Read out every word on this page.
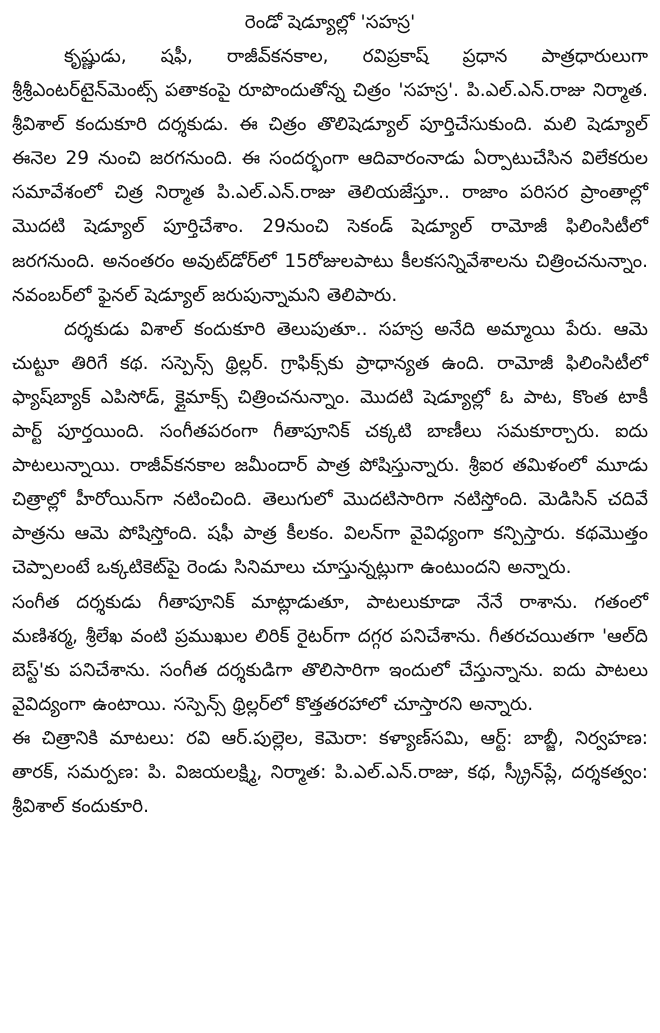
రెండో షెడ్యూల్లో 'సహస్ర'

కృష్ణుడు, షఫీ, రాజీవ్‌కనకాల, రవిప్రకాష్‌ ప్రధాన పాత్రధారులుగా శ్రీశ్రీఎంటర్‌టైన్‌మెంట్స్‌ పతాకంపై రూపొందుతోన్న చిత్రం 'సహస్ర'. పి.ఎల్‌.ఎన్‌.రాజు నిర్మాత. శ్రీవిశాల్‌ కందుకూరి దర్శకుడు. ఈ చిత్రం తొలిషెడ్యూల్‌ పూర్తిచేసుకుంది. మలి షెడ్యూల్‌ ఈనెల 29 నుంచి జరగనుంది. ఈ సందర్భంగా ఆదివారంనాడు ఏర్పాటుచేసిన విలేకరుల సమావేశంలో చిత్ర నిర్మాత పి.ఎల్‌.ఎన్‌.రాజు తెలియజేస్తూ.. రాజాం పరిసర ప్రాంతాల్లో మొదటి షెడ్యూల్‌ పూర్తిచేశాం. 29నుంచి సెకండ్‌ షెడ్యూల్‌ రామోజీ ఫిలింసిటీలో జరగనుంది. అనంతరం అవుట్‌డోర్‌లో 15రోజులపాటు కీలకసన్నివేశాలను చిత్రించనున్నాం. నవంబర్‌లో ఫైనల్‌ షెడ్యూల్‌ జరుపున్నామని తెలిపారు.

దర్శకుడు విశాల్‌ కందుకూరి తెలుపుతూ.. సహస్ర అనేది అమ్మాయి పేరు. ఆమె చుట్టూ తిరిగే కథ. సస్పెన్స్‌ థ్రిల్లర్‌. గ్రాఫిక్స్‌కు ప్రాధాన్యత ఉంది. రామోజీ ఫిలింసిటీలో ఫ్యాష్‌బ్యాక్‌ ఎపిసోడ్‌, క్లైమాక్స్‌ చిత్రించనున్నాం. మొదటి షెడ్యూల్లో ఓ పాట, కొంత టాకీ పార్ట్‌ పూర్తయింది. సంగీతపరంగా గీతాపూనిక్‌ చక్కటి బాణీలు సమకూర్చారు. ఐదు పాటలున్నాయి. రాజీవ్‌కనకాల జమీందార్‌ పాత్ర పోషిస్తున్నారు. శ్రీఐర తమిళంలో మూడు చిత్రాల్లో హీరోయిన్‌గా నటించింది. తెలుగులో మొదటిసారిగా నటిస్తోంది. మెడిసిన్‌ చదివే పాత్రను ఆమె పోషిస్తోంది. షఫీ పాత్ర కీలకం. విలన్‌గా వైవిధ్యంగా కన్పిస్తారు. కథమొత్తం చెప్పాలంటే ఒక్కటికెట్‌పై రెండు సినిమాలు చూస్తున్నట్లుగా ఉంటుందని అన్నారు.

సంగీత దర్శకుడు గీతాపూనిక్‌ మాట్లాడుతూ, పాటలుకూడా నేనే రాశాను. గతంలో మణిశర్మ, శ్రీలేఖ వంటి ప్రముఖుల లిరిక్‌ రైటర్‌గా దగ్గర పనిచేశాను. గీతరచయితగా 'ఆల్‌ది బెస్ట్‌'కు పనిచేశాను. సంగీత దర్శకుడిగా తొలిసారిగా ఇందులో చేస్తున్నాను. ఐదు పాటలు వైవిద్యంగా ఉంటాయి. సస్పెన్స్‌ థ్రిల్లర్‌లో కొత్తతరహాలో చూస్తారని అన్నారు.

ఈ చిత్రానికి మాటలు: రవి ఆర్‌.పుల్లెల, కెమెరా: కళ్యాణ్‌సమి, ఆర్ట్‌: బాబ్జీ, నిర్వహణ: తారక్‌, సమర్పణ: పి. విజయలక్ష్మి, నిర్మాత: పి.ఎల్‌.ఎన్‌.రాజు, కథ, స్క్రీన్‌ప్లే, దర్శకత్వం: శ్రీవిశాల్‌ కందుకూరి.
